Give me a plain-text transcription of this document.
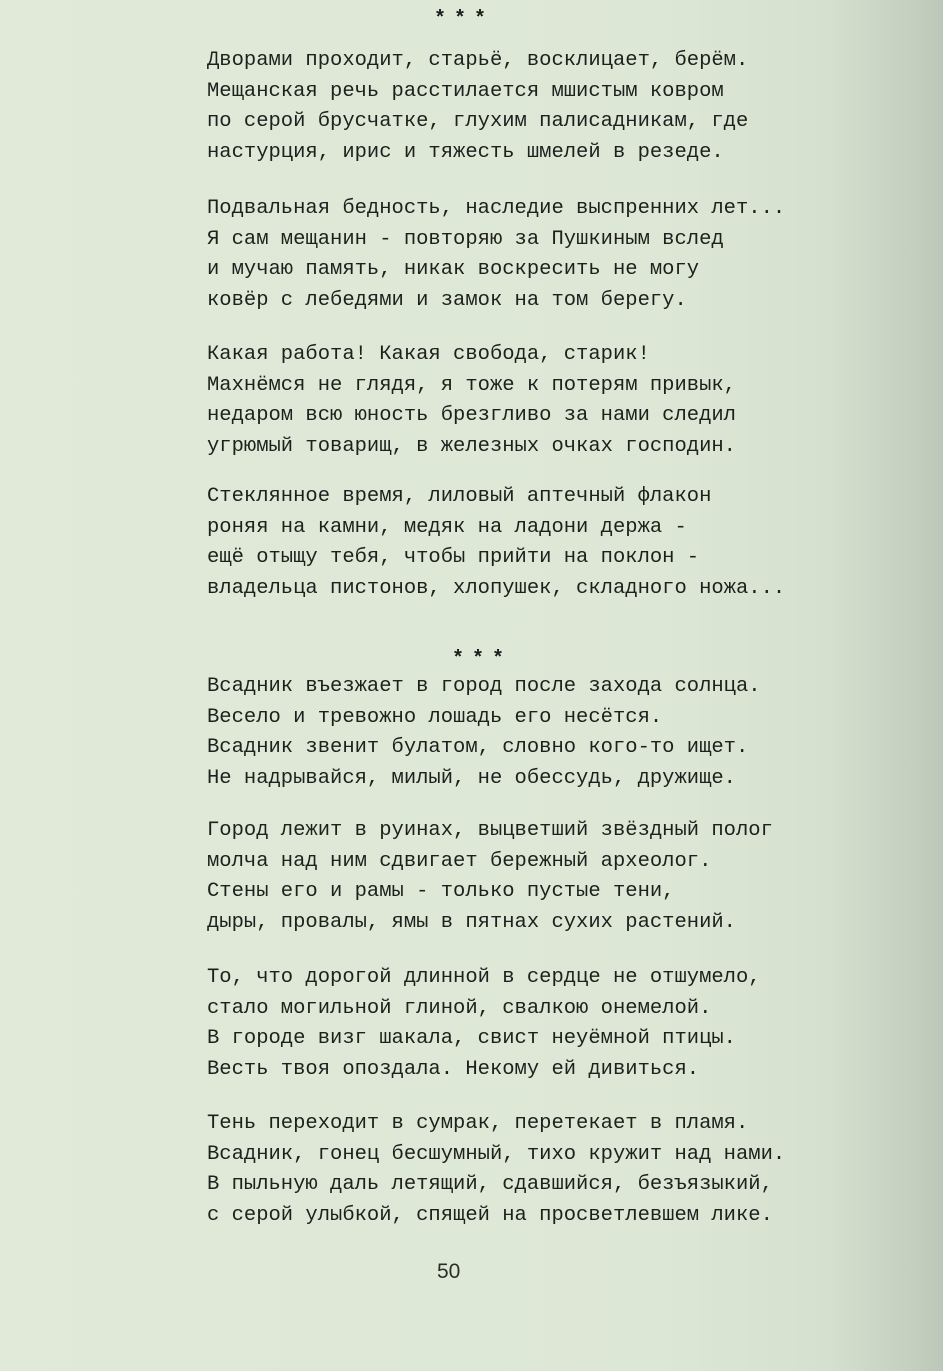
***
Дворами проходит, старьё, восклицает, берём.
Мещанская речь расстилается мшистым ковром
по серой брусчатке, глухим палисадникам, где
настурция, ирис и тяжесть шмелей в резеде.
Подвальная бедность, наследие выспренних лет...
Я сам мещанин - повторяю за Пушкиным вслед
и мучаю память, никак воскресить не могу
ковёр с лебедями и замок на том берегу.
Какая работа! Какая свобода, старик!
Махнёмся не глядя, я тоже к потерям привык,
недаром всю юность брезгливо за нами следил
угрюмый товарищ, в железных очках господин.
Стеклянное время, лиловый аптечный флакон
роняя на камни, медяк на ладони держа -
ещё отыщу тебя, чтобы прийти на поклон -
владельца пистонов, хлопушек, складного ножа...
***
Всадник въезжает в город после захода солнца.
Весело и тревожно лошадь его несётся.
Всадник звенит булатом, словно кого-то ищет.
Не надрывайся, милый, не обессудь, дружище.
Город лежит в руинах, выцветший звёздный полог
молча над ним сдвигает бережный археолог.
Стены его и рамы - только пустые тени,
дыры, провалы, ямы в пятнах сухих растений.
То, что дорогой длинной в сердце не отшумело,
стало могильной глиной, свалкою онемелой.
В городе визг шакала, свист неуёмной птицы.
Весть твоя опоздала. Некому ей дивиться.
Тень переходит в сумрак, перетекает в пламя.
Всадник, гонец бесшумный, тихо кружит над нами.
В пыльную даль летящий, сдавшийся, безъязыкий,
с серой улыбкой, спящей на просветлевшем лике.
50
